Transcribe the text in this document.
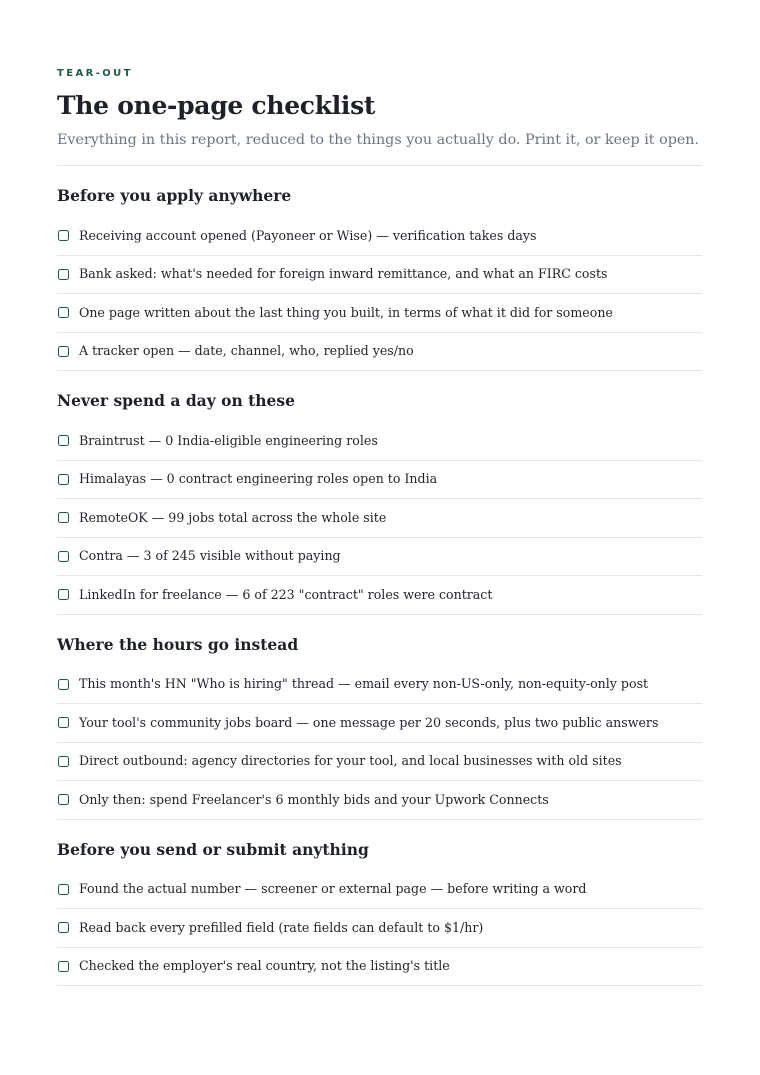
TEAR-OUT

The one-page checklist

Everything in this report, reduced to the things you actually do. Print it, or keep it open.

Before you apply anywhere
Receiving account opened (Payoneer or Wise) — verification takes days
Bank asked: what's needed for foreign inward remittance, and what an FIRC costs
One page written about the last thing you built, in terms of what it did for someone
A tracker open — date, channel, who, replied yes/no
Never spend a day on these
Braintrust — 0 India-eligible engineering roles
Himalayas — 0 contract engineering roles open to India
RemoteOK — 99 jobs total across the whole site
Contra — 3 of 245 visible without paying
LinkedIn for freelance — 6 of 223 "contract" roles were contract
Where the hours go instead
This month's HN "Who is hiring" thread — email every non-US-only, non-equity-only post
Your tool's community jobs board — one message per 20 seconds, plus two public answers
Direct outbound: agency directories for your tool, and local businesses with old sites
Only then: spend Freelancer's 6 monthly bids and your Upwork Connects
Before you send or submit anything
Found the actual number — screener or external page — before writing a word
Read back every prefilled field (rate fields can default to $1/hr)
Checked the employer's real country, not the listing's title
